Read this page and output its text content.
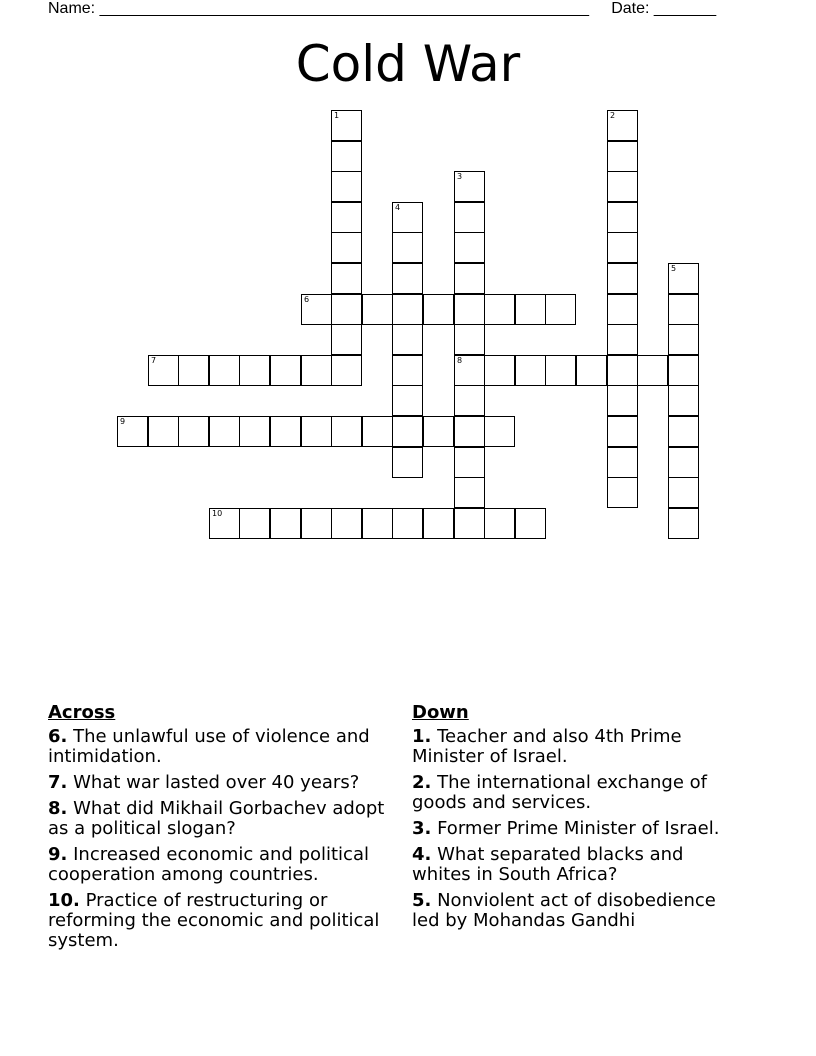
Name: _______________________________________________________     Date: _______
Cold War
1	2
3
8
4
5
6
7
9
10
Across
6. The unlawful use of violence and intimidation.
7. What war lasted over 40 years?
8. What did Mikhail Gorbachev adopt as a political slogan?
9. Increased economic and political cooperation among countries.
10. Practice of restructuring or reforming the economic and political system.
Down
1. Teacher and also 4th Prime Minister of Israel.
2. The international exchange of goods and services.
3. Former Prime Minister of Israel.
4. What separated blacks and whites in South Africa?
5. Nonviolent act of disobedience led by Mohandas Gandhi
